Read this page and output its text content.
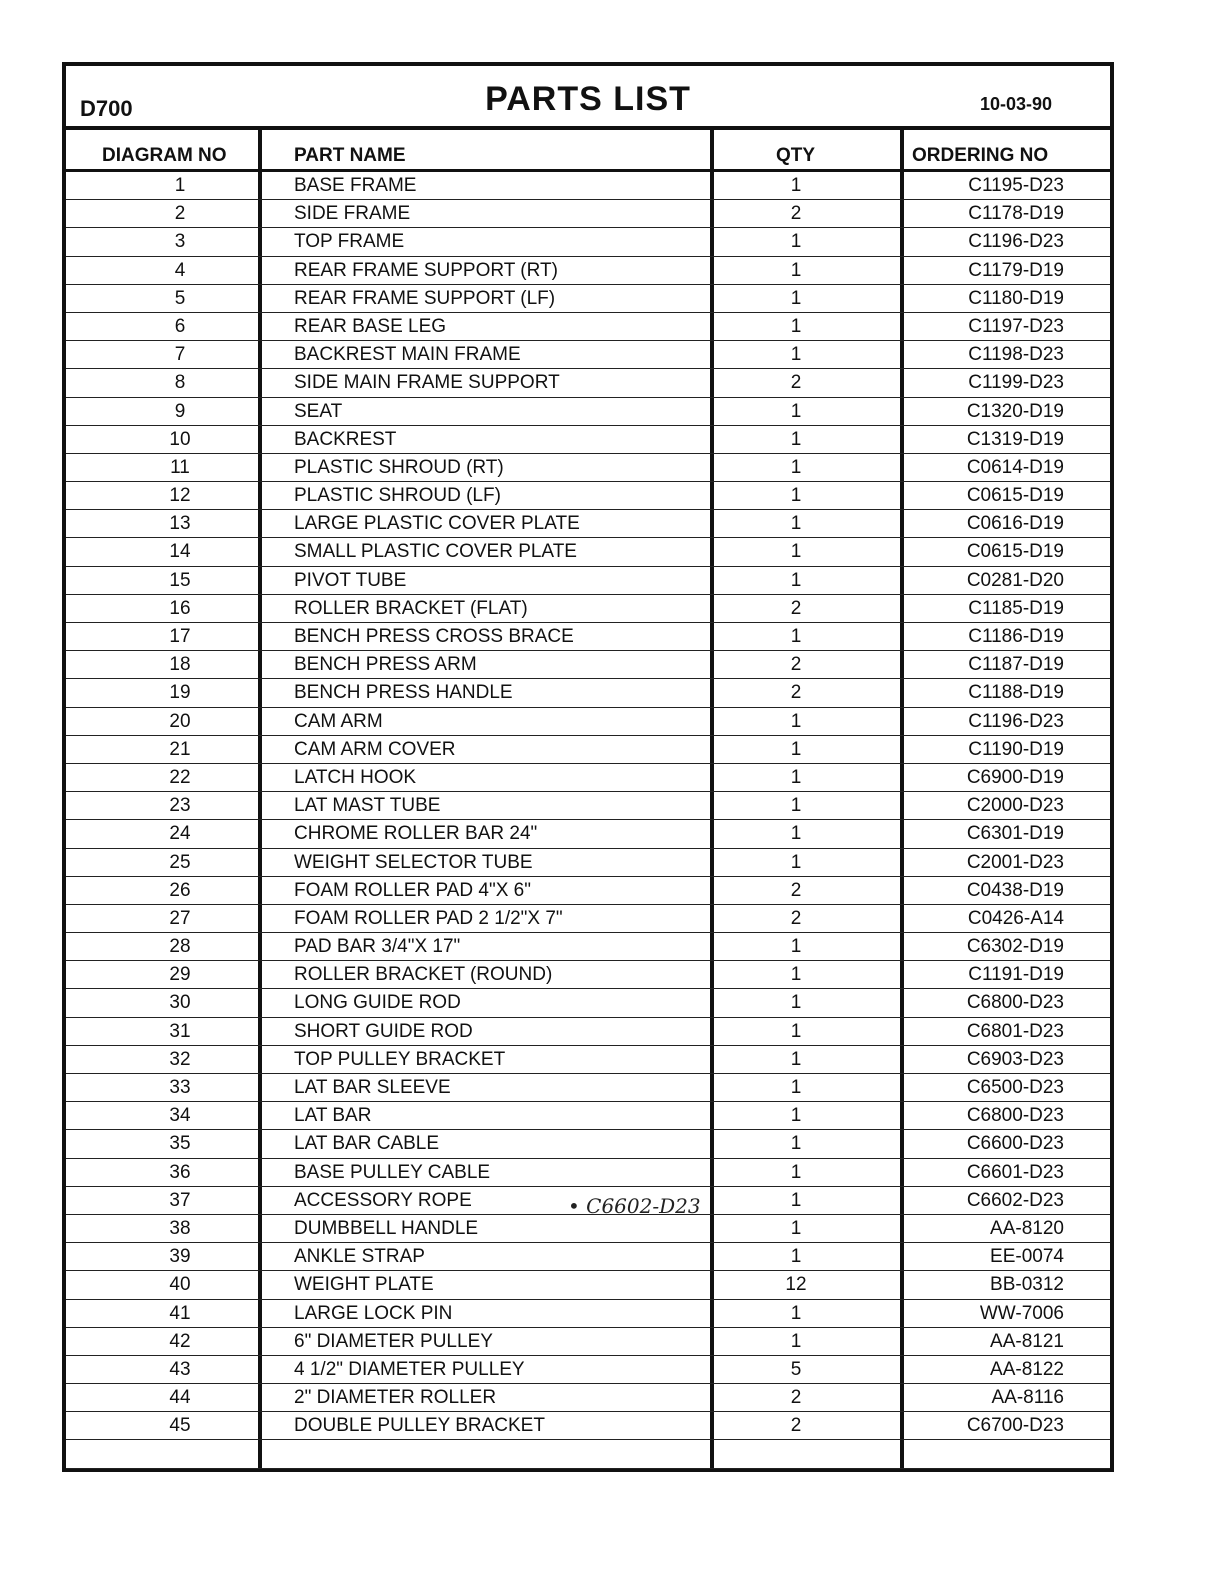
D700	PARTS LIST	10-03-90
DIAGRAM NO	PART NAME	QTY	ORDERING NO
1	BASE FRAME	1	C1195-D23
2	SIDE FRAME	2	C1178-D19
3	TOP FRAME	1	C1196-D23
4	REAR FRAME SUPPORT (RT)	1	C1179-D19
5	REAR FRAME SUPPORT (LF)	1	C1180-D19
6	REAR BASE LEG	1	C1197-D23
7	BACKREST MAIN FRAME	1	C1198-D23
8	SIDE MAIN FRAME SUPPORT	2	C1199-D23
9	SEAT	1	C1320-D19
10	BACKREST	1	C1319-D19
11	PLASTIC SHROUD (RT)	1	C0614-D19
12	PLASTIC SHROUD (LF)	1	C0615-D19
13	LARGE PLASTIC COVER PLATE	1	C0616-D19
14	SMALL PLASTIC COVER PLATE	1	C0615-D19
15	PIVOT TUBE	1	C0281-D20
16	ROLLER BRACKET (FLAT)	2	C1185-D19
17	BENCH PRESS CROSS BRACE	1	C1186-D19
18	BENCH PRESS ARM	2	C1187-D19
19	BENCH PRESS HANDLE	2	C1188-D19
20	CAM ARM	1	C1196-D23
21	CAM ARM COVER	1	C1190-D19
22	LATCH HOOK	1	C6900-D19
23	LAT MAST TUBE	1	C2000-D23
24	CHROME ROLLER BAR 24"	1	C6301-D19
25	WEIGHT SELECTOR TUBE	1	C2001-D23
26	FOAM ROLLER PAD 4"X 6"	2	C0438-D19
27	FOAM ROLLER PAD 2 1/2"X 7"	2	C0426-A14
28	PAD BAR 3/4"X 17"	1	C6302-D19
29	ROLLER BRACKET (ROUND)	1	C1191-D19
30	LONG GUIDE ROD	1	C6800-D23
31	SHORT GUIDE ROD	1	C6801-D23
32	TOP PULLEY BRACKET	1	C6903-D23
33	LAT BAR SLEEVE	1	C6500-D23
34	LAT BAR	1	C6800-D23
35	LAT BAR CABLE	1	C6600-D23
36	BASE PULLEY CABLE	1	C6601-D23
37	ACCESSORY ROPE	1	C6602-D23
38	DUMBBELL HANDLE	1	AA-8120
39	ANKLE STRAP	1	EE-0074
40	WEIGHT PLATE	12	BB-0312
41	LARGE LOCK PIN	1	WW-7006
42	6" DIAMETER PULLEY	1	AA-8121
43	4 1/2" DIAMETER PULLEY	5	AA-8122
44	2" DIAMETER ROLLER	2	AA-8116
45	DOUBLE PULLEY BRACKET	2	C6700-D23
• C6602-D23
